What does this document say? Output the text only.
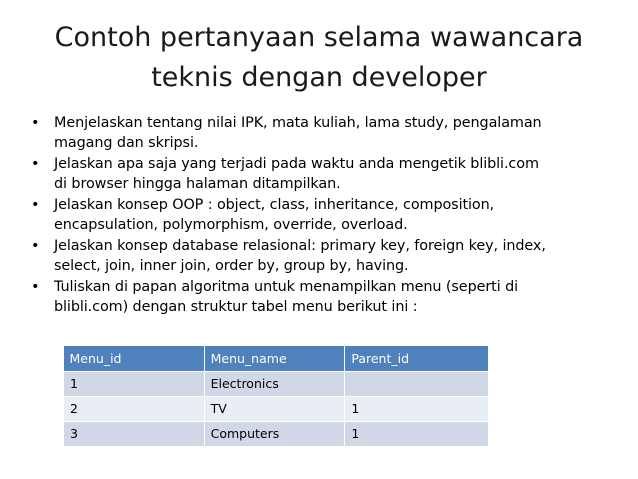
Contoh pertanyaan selama wawancara
teknis dengan developer
• Menjelaskan tentang nilai IPK, mata kuliah, lama study, pengalaman
magang dan skripsi.
• Jelaskan apa saja yang terjadi pada waktu anda mengetik blibli.com
di browser hingga halaman ditampilkan.
• Jelaskan konsep OOP : object, class, inheritance, composition,
encapsulation, polymorphism, override, overload.
• Jelaskan konsep database relasional: primary key, foreign key, index,
select, join, inner join, order by, group by, having.
• Tuliskan di papan algoritma untuk menampilkan menu (seperti di
blibli.com) dengan struktur tabel menu berikut ini :
Menu_id	Menu_name	Parent_id
1	Electronics	
2	TV	1
3	Computers	1
